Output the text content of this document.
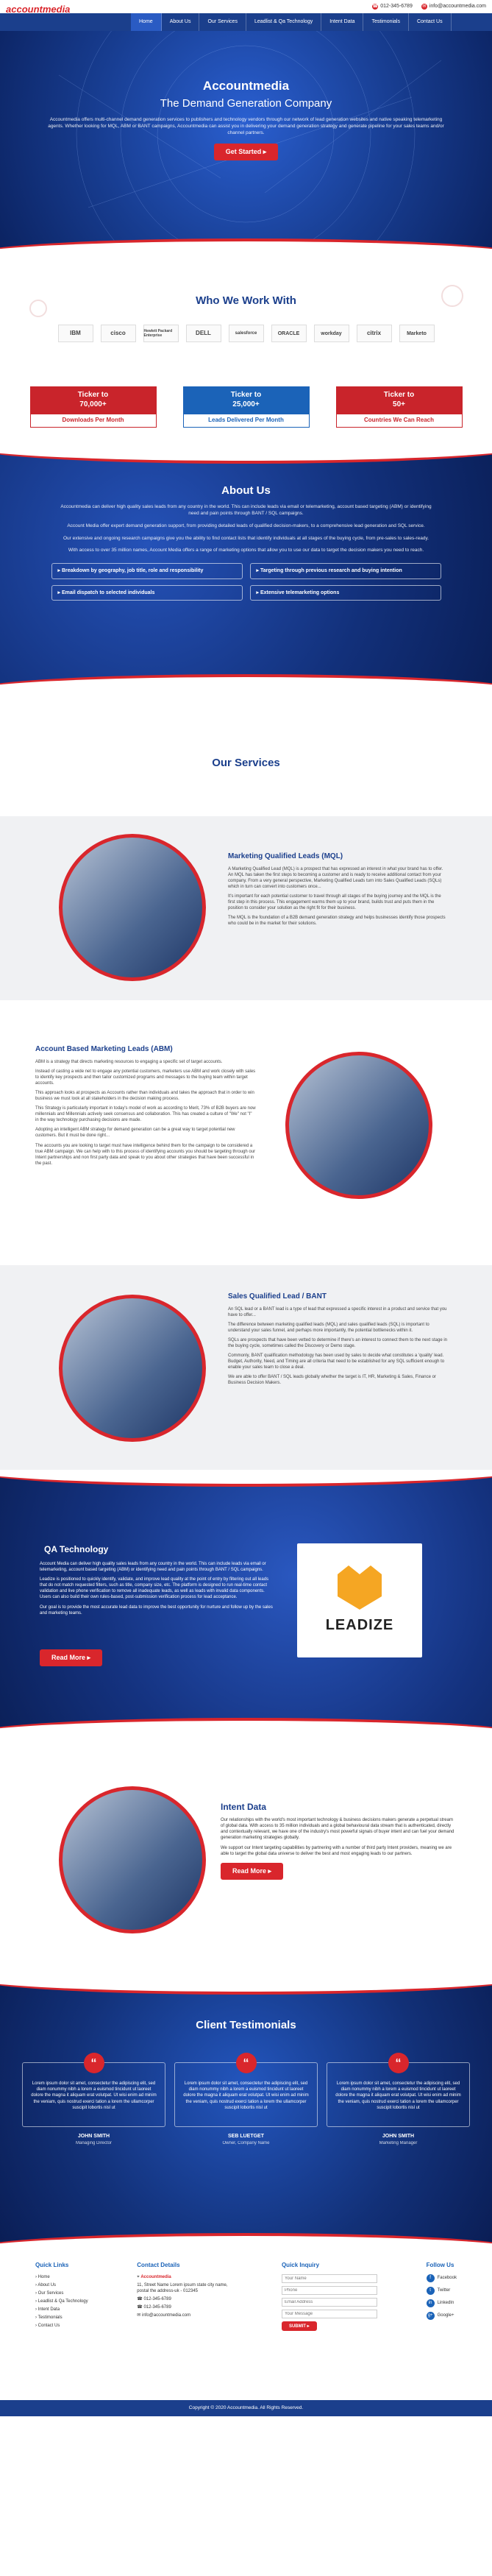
accountmedia	☎ 012-345-6789 ✉ info@accountmedia.com
Home	About Us	Our Services	Leadlist & Qa Technology	Intent Data	Testimonials	Contact Us
Accountmedia
The Demand Generation Company

Accountmedia offers multi-channel demand generation services to publishers and technology vendors through our network of lead generation websites and native speaking telemarketing agents. Whether looking for MQL, ABM or BANT campaigns, Accountmedia can assist you in delivering your demand generation strategy and generate pipeline for your sales teams and/or channel partners.

Get Started ▸
Who We Work With
IBM	cisco	Hewlett Packard Enterprise	DELL	salesforce	ORACLE	workday	citrix	Marketo
Ticker to
70,000+
Downloads Per Month
Ticker to
25,000+
Leads Delivered Per Month
Ticker to
50+
Countries We Can Reach
About Us

Accountmedia can deliver high quality sales leads from any country in the world. This can include leads via email or telemarketing, account based targeting (ABM) or identifying need and pain points through BANT / SQL campaigns.

Account Media offer expert demand generation support, from providing detailed leads of qualified decision-makers, to a comprehensive lead generation and SQL service.

Our extensive and ongoing research campaigns give you the ability to find contact lists that identify individuals at all stages of the buying cycle, from pre-sales to sales-ready.

With access to over 35 million names, Account Media offers a range of marketing options that allow you to use our data to target the decision makers you need to reach.

▸ Breakdown by geography, job title, role and responsibility	▸ Targeting through previous research and buying intention
▸ Email dispatch to selected individuals	▸ Extensive telemarketing options
Our Services
Marketing Qualified Leads (MQL)

A Marketing Qualified Lead (MQL) is a prospect that has expressed an interest in what your brand has to offer. An MQL has taken the first steps to becoming a customer and is ready to receive additional contact from your company. From a very general perspective, Marketing Qualified Leads turn into Sales Qualified Leads (SQLs) which in turn can convert into customers once...

It's important for each potential customer to travel through all stages of the buying journey and the MQL is the first step in this process. This engagement warms them up to your brand, builds trust and puts them in the position to consider your solution as the right fit for their business.

The MQL is the foundation of a B2B demand generation strategy and helps businesses identify those prospects who could be in the market for their solutions.

Account Based Marketing Leads (ABM)

ABM is a strategy that directs marketing resources to engaging a specific set of target accounts.

Instead of casting a wide net to engage any potential customers, marketers use ABM and work closely with sales to identify key prospects and then tailor customized programs and messages to the buying team within target accounts.

This approach looks at prospects as Accounts rather than individuals and takes the approach that in order to win business we must look at all stakeholders in the decision making process.

This Strategy is particularly important in today's model of work as according to Merit, 73% of B2B buyers are now millennials and Millennials actively seek consensus and collaboration. This has created a culture of "We" not "I" in the way technology purchasing decisions are made.

Adopting an intelligent ABM strategy for demand generation can be a great way to target potential new customers. But it must be done right...

The accounts you are looking to target must have intelligence behind them for the campaign to be considered a true ABM campaign. We can help with to this process of identifying accounts you should be targeting through our Intent partnerships and non first party data and speak to you about other strategies that have been successful in the past.

Sales Qualified Lead / BANT

An SQL lead or a BANT lead is a type of lead that expressed a specific interest in a product and service that you have to offer...

The difference between marketing qualified leads (MQL) and sales qualified leads (SQL) is important to understand your sales funnel, and perhaps more importantly, the potential bottlenecks within it.

SQLs are prospects that have been vetted to determine if there's an interest to connect them to the next stage in the buying cycle, sometimes called the Discovery or Demo stage.

Commonly, BANT qualification methodology has been used by sales to decide what constitutes a 'quality' lead. Budget, Authority, Need, and Timing are all criteria that need to be established for any SQL sufficient enough to enable your sales team to close a deal.

We are able to offer BANT / SQL leads globally whether the target is IT, HR, Marketing & Sales, Finance or Business Decision Makers.

QA Technology

Account Media can deliver high quality sales leads from any country in the world. This can include leads via email or telemarketing, account based targeting (ABM) or identifying need and pain points through BANT / SQL campaigns.

Leadize is positioned to quickly identify, validate, and improve lead quality at the point of entry by filtering out all leads that do not match requested filters, such as title, company size, etc. The platform is designed to run real-time contact validation and live phone verification to remove all inadequate leads, as well as leads with invalid data components. Users can also build their own rules-based, post-submission verification process for lead acceptance.

Our goal is to provide the most accurate lead data to improve the best opportunity for nurture and follow up by the sales and marketing teams.

Read More ▸
LEADIZE
Intent Data

Our relationships with the world's most important technology & business decisions makers generate a perpetual stream of global data. With access to 35 million individuals and a global behavioural data stream that is authenticated, directly and contextually relevant, we have one of the industry's most powerful signals of buyer intent and can fuel your demand generation marketing strategies globally.

We support our Intent targeting capabilities by partnering with a number of third party Intent providers, meaning we are able to target the global data universe to deliver the best and most engaging leads to our partners.

Read More ▸
Client Testimonials
“
Lorem ipsum dolor sit amet, consectetur the adipiscing elit, sed diam nonummy nibh a lorem a euismod tincidunt ut laoreet dolore the magna it aliquam erat volutpat. Ut wisi enim ad minim the veniam, quis nostrud exerci tation a lorem the ullamcorper suscipit lobortis nisl ut
JOHN SMITH
Managing Director
“
Lorem ipsum dolor sit amet, consectetur the adipiscing elit, sed diam nonummy nibh a lorem a euismod tincidunt ut laoreet dolore the magna it aliquam erat volutpat. Ut wisi enim ad minim the veniam, quis nostrud exerci tation a lorem the ullamcorper suscipit lobortis nisl ut
SEB LUETGET
Owner, Company Name
“
Lorem ipsum dolor sit amet, consectetur the adipiscing elit, sed diam nonummy nibh a lorem a euismod tincidunt ut laoreet dolore the magna it aliquam erat volutpat. Ut wisi enim ad minim the veniam, quis nostrud exerci tation a lorem the ullamcorper suscipit lobortis nisl ut
JOHN SMITH
Marketing Manager
Quick Links
› Home
› About Us
› Our Services
› Leadlist & Qa Technology
› Intent Data
› Testimonials
› Contact Us
Contact Details
⌖ Accountmedia
11, Street Name Lorem ipsum state city name, postal the address-uk - 012345
☎ 012-345-6789
☎ 012-345-6789
✉ info@accountmedia.com
Quick Inquiry
Your Name
Phone
Email Address
Your Message SUBMIT ▸
Follow Us
f	Facebook
t	Twitter
in	LinkedIn
g+	Google+
Copyright © 2020 Accountmedia. All Rights Reserved.
